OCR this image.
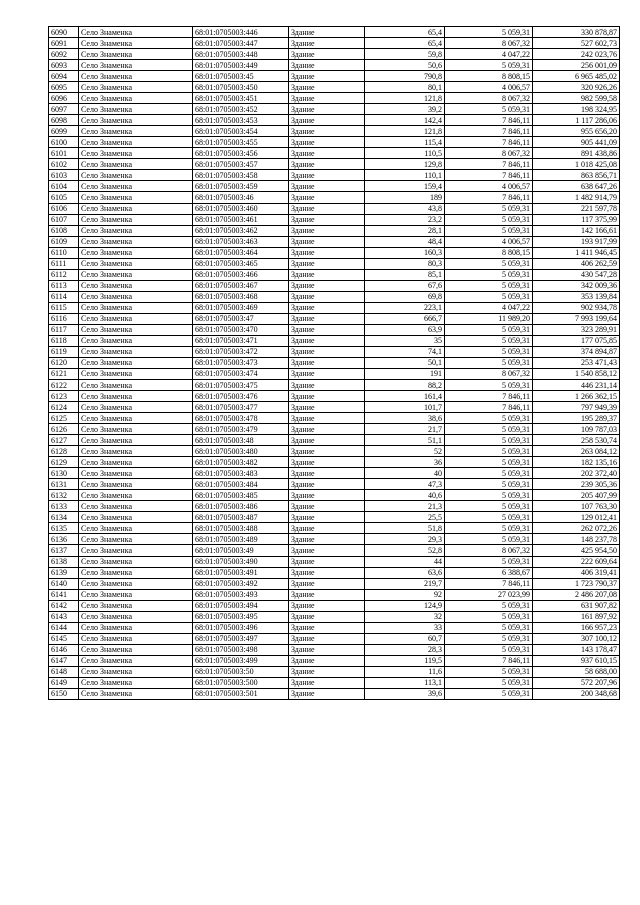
6090	Село Знаменка	68:01:0705003:446	Здание	65,4	5 059,31	330 878,87
6091	Село Знаменка	68:01:0705003:447	Здание	65,4	8 067,32	527 602,73
6092	Село Знаменка	68:01:0705003:448	Здание	59,8	4 047,22	242 023,76
6093	Село Знаменка	68:01:0705003:449	Здание	50,6	5 059,31	256 001,09
6094	Село Знаменка	68:01:0705003:45	Здание	790,8	8 808,15	6 965 485,02
6095	Село Знаменка	68:01:0705003:450	Здание	80,1	4 006,57	320 926,26
6096	Село Знаменка	68:01:0705003:451	Здание	121,8	8 067,32	982 599,58
6097	Село Знаменка	68:01:0705003:452	Здание	39,2	5 059,31	198 324,95
6098	Село Знаменка	68:01:0705003:453	Здание	142,4	7 846,11	1 117 286,06
6099	Село Знаменка	68:01:0705003:454	Здание	121,8	7 846,11	955 656,20
6100	Село Знаменка	68:01:0705003:455	Здание	115,4	7 846,11	905 441,09
6101	Село Знаменка	68:01:0705003:456	Здание	110,5	8 067,32	891 438,86
6102	Село Знаменка	68:01:0705003:457	Здание	129,8	7 846,11	1 018 425,08
6103	Село Знаменка	68:01:0705003:458	Здание	110,1	7 846,11	863 856,71
6104	Село Знаменка	68:01:0705003:459	Здание	159,4	4 006,57	638 647,26
6105	Село Знаменка	68:01:0705003:46	Здание	189	7 846,11	1 482 914,79
6106	Село Знаменка	68:01:0705003:460	Здание	43,8	5 059,31	221 597,78
6107	Село Знаменка	68:01:0705003:461	Здание	23,2	5 059,31	117 375,99
6108	Село Знаменка	68:01:0705003:462	Здание	28,1	5 059,31	142 166,61
6109	Село Знаменка	68:01:0705003:463	Здание	48,4	4 006,57	193 917,99
6110	Село Знаменка	68:01:0705003:464	Здание	160,3	8 808,15	1 411 946,45
6111	Село Знаменка	68:01:0705003:465	Здание	80,3	5 059,31	406 262,59
6112	Село Знаменка	68:01:0705003:466	Здание	85,1	5 059,31	430 547,28
6113	Село Знаменка	68:01:0705003:467	Здание	67,6	5 059,31	342 009,36
6114	Село Знаменка	68:01:0705003:468	Здание	69,8	5 059,31	353 139,84
6115	Село Знаменка	68:01:0705003:469	Здание	223,1	4 047,22	902 934,78
6116	Село Знаменка	68:01:0705003:47	Здание	666,7	11 989,20	7 993 199,64
6117	Село Знаменка	68:01:0705003:470	Здание	63,9	5 059,31	323 289,91
6118	Село Знаменка	68:01:0705003:471	Здание	35	5 059,31	177 075,85
6119	Село Знаменка	68:01:0705003:472	Здание	74,1	5 059,31	374 894,87
6120	Село Знаменка	68:01:0705003:473	Здание	50,1	5 059,31	253 471,43
6121	Село Знаменка	68:01:0705003:474	Здание	191	8 067,32	1 540 858,12
6122	Село Знаменка	68:01:0705003:475	Здание	88,2	5 059,31	446 231,14
6123	Село Знаменка	68:01:0705003:476	Здание	161,4	7 846,11	1 266 362,15
6124	Село Знаменка	68:01:0705003:477	Здание	101,7	7 846,11	797 949,39
6125	Село Знаменка	68:01:0705003:478	Здание	38,6	5 059,31	195 289,37
6126	Село Знаменка	68:01:0705003:479	Здание	21,7	5 059,31	109 787,03
6127	Село Знаменка	68:01:0705003:48	Здание	51,1	5 059,31	258 530,74
6128	Село Знаменка	68:01:0705003:480	Здание	52	5 059,31	263 084,12
6129	Село Знаменка	68:01:0705003:482	Здание	36	5 059,31	182 135,16
6130	Село Знаменка	68:01:0705003:483	Здание	40	5 059,31	202 372,40
6131	Село Знаменка	68:01:0705003:484	Здание	47,3	5 059,31	239 305,36
6132	Село Знаменка	68:01:0705003:485	Здание	40,6	5 059,31	205 407,99
6133	Село Знаменка	68:01:0705003:486	Здание	21,3	5 059,31	107 763,30
6134	Село Знаменка	68:01:0705003:487	Здание	25,5	5 059,31	129 012,41
6135	Село Знаменка	68:01:0705003:488	Здание	51,8	5 059,31	262 072,26
6136	Село Знаменка	68:01:0705003:489	Здание	29,3	5 059,31	148 237,78
6137	Село Знаменка	68:01:0705003:49	Здание	52,8	8 067,32	425 954,50
6138	Село Знаменка	68:01:0705003:490	Здание	44	5 059,31	222 609,64
6139	Село Знаменка	68:01:0705003:491	Здание	63,6	6 388,67	406 319,41
6140	Село Знаменка	68:01:0705003:492	Здание	219,7	7 846,11	1 723 790,37
6141	Село Знаменка	68:01:0705003:493	Здание	92	27 023,99	2 486 207,08
6142	Село Знаменка	68:01:0705003:494	Здание	124,9	5 059,31	631 907,82
6143	Село Знаменка	68:01:0705003:495	Здание	32	5 059,31	161 897,92
6144	Село Знаменка	68:01:0705003:496	Здание	33	5 059,31	166 957,23
6145	Село Знаменка	68:01:0705003:497	Здание	60,7	5 059,31	307 100,12
6146	Село Знаменка	68:01:0705003:498	Здание	28,3	5 059,31	143 178,47
6147	Село Знаменка	68:01:0705003:499	Здание	119,5	7 846,11	937 610,15
6148	Село Знаменка	68:01:0705003:50	Здание	11,6	5 059,31	58 688,00
6149	Село Знаменка	68:01:0705003:500	Здание	113,1	5 059,31	572 207,96
6150	Село Знаменка	68:01:0705003:501	Здание	39,6	5 059,31	200 348,68
